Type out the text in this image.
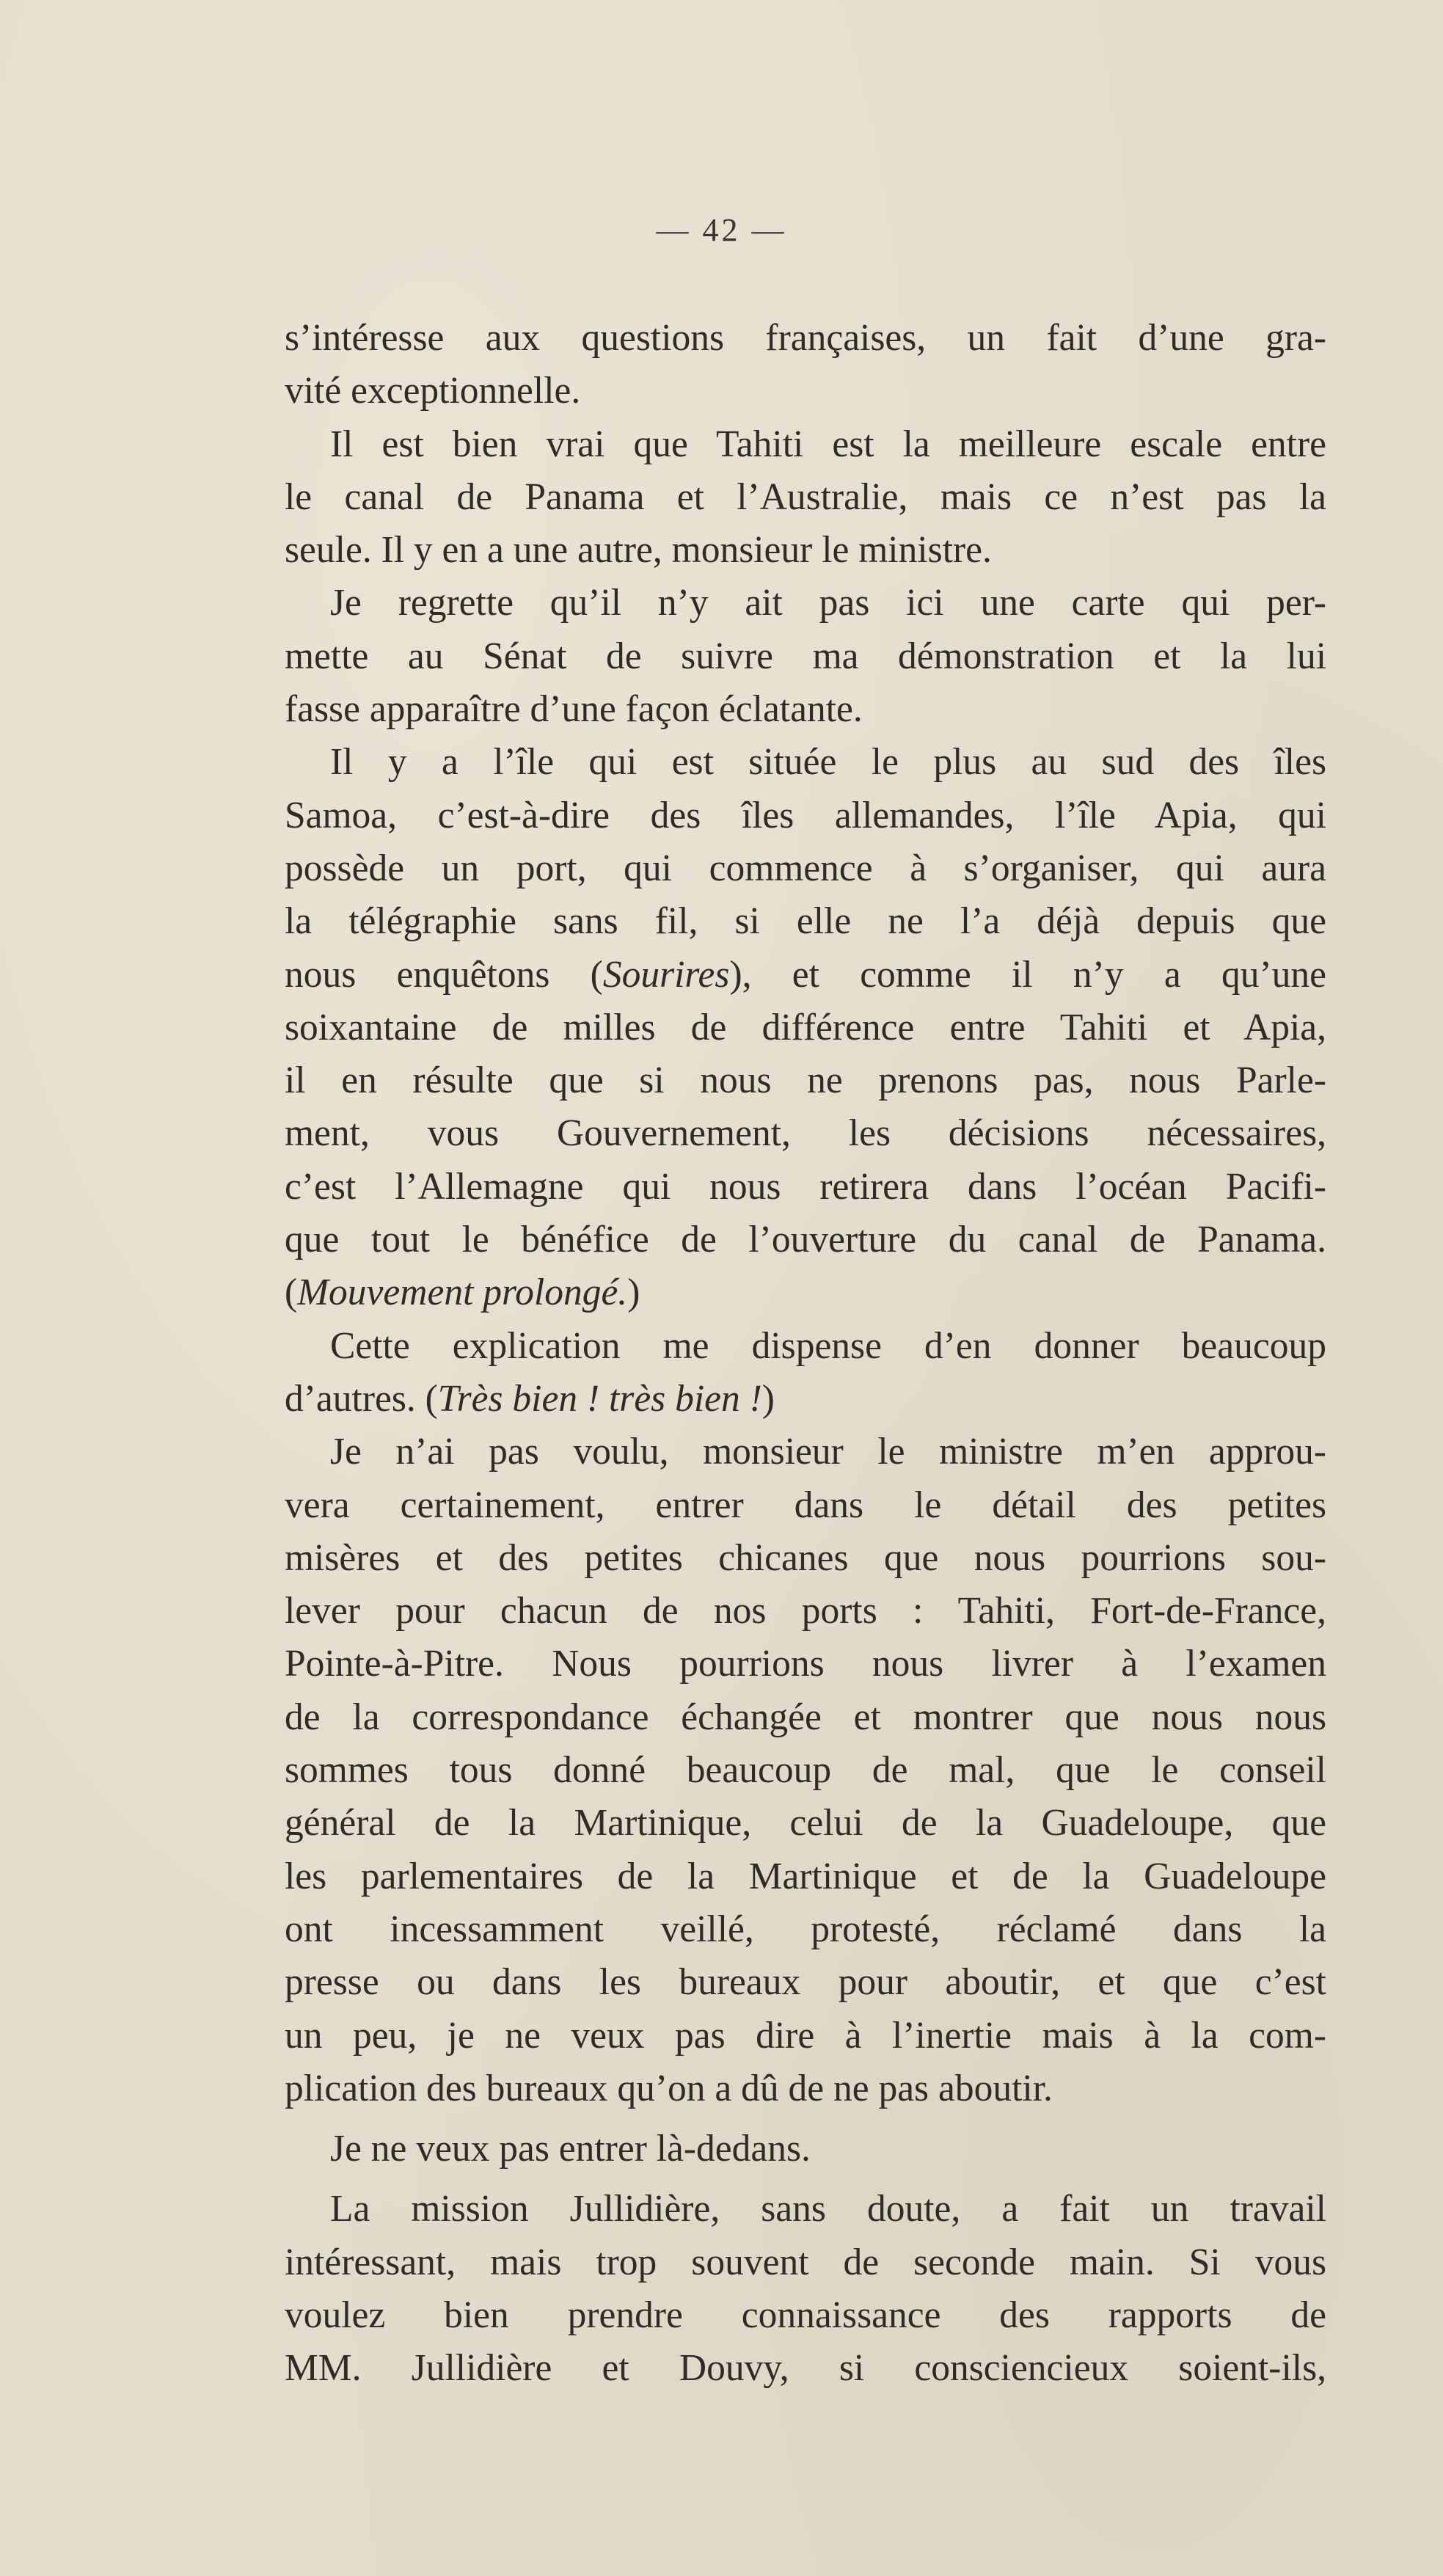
— 42 —
s’intéresse aux questions françaises, un fait d’une gra-
vité exceptionnelle.
Il est bien vrai que Tahiti est la meilleure escale entre
le canal de Panama et l’Australie, mais ce n’est pas la
seule. Il y en a une autre, monsieur le ministre.
Je regrette qu’il n’y ait pas ici une carte qui per-
mette au Sénat de suivre ma démonstration et la lui
fasse apparaître d’une façon éclatante.
Il y a l’île qui est située le plus au sud des îles
Samoa, c’est-à-dire des îles allemandes, l’île Apia, qui
possède un port, qui commence à s’organiser, qui aura
la télégraphie sans fil, si elle ne l’a déjà depuis que
nous enquêtons (Sourires), et comme il n’y a qu’une
soixantaine de milles de différence entre Tahiti et Apia,
il en résulte que si nous ne prenons pas, nous Parle-
ment, vous Gouvernement, les décisions nécessaires,
c’est l’Allemagne qui nous retirera dans l’océan Pacifi-
que tout le bénéfice de l’ouverture du canal de Panama.
(Mouvement prolongé.)
Cette explication me dispense d’en donner beaucoup
d’autres. (Très bien ! très bien !)
Je n’ai pas voulu, monsieur le ministre m’en approu-
vera certainement, entrer dans le détail des petites
misères et des petites chicanes que nous pourrions sou-
lever pour chacun de nos ports : Tahiti, Fort-de-France,
Pointe-à-Pitre. Nous pourrions nous livrer à l’examen
de la correspondance échangée et montrer que nous nous
sommes tous donné beaucoup de mal, que le conseil
général de la Martinique, celui de la Guadeloupe, que
les parlementaires de la Martinique et de la Guadeloupe
ont incessamment veillé, protesté, réclamé dans la
presse ou dans les bureaux pour aboutir, et que c’est
un peu, je ne veux pas dire à l’inertie mais à la com-
plication des bureaux qu’on a dû de ne pas aboutir.
Je ne veux pas entrer là-dedans.
La mission Jullidière, sans doute, a fait un travail
intéressant, mais trop souvent de seconde main. Si vous
voulez bien prendre connaissance des rapports de
MM. Jullidière et Douvy, si consciencieux soient-ils,
